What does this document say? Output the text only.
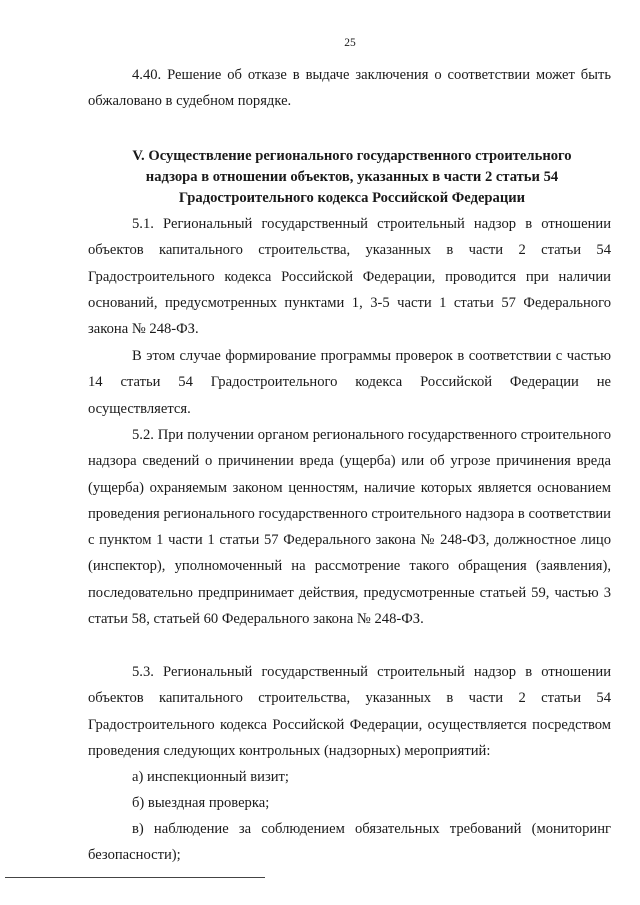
25

4.40. Решение об отказе в выдаче заключения о соответствии может быть обжаловано в судебном порядке.

V. Осуществление регионального государственного строительного надзора в отношении объектов, указанных в части 2 статьи 54 Градостроительного кодекса Российской Федерации

5.1. Региональный государственный строительный надзор в отношении объектов капитального строительства, указанных в части 2 статьи 54 Градостроительного кодекса Российской Федерации, проводится при наличии оснований, предусмотренных пунктами 1, 3-5 части 1 статьи 57 Федерального закона № 248-ФЗ.

В этом случае формирование программы проверок в соответствии с частью 14 статьи 54 Градостроительного кодекса Российской Федерации не осуществляется.

5.2. При получении органом регионального государственного строительного надзора сведений о причинении вреда (ущерба) или об угрозе причинения вреда (ущерба) охраняемым законом ценностям, наличие которых является основанием проведения регионального государственного строительного надзора в соответствии с пунктом 1 части 1 статьи 57 Федерального закона № 248-ФЗ, должностное лицо (инспектор), уполномоченный на рассмотрение такого обращения (заявления), последовательно предпринимает действия, предусмотренные статьей 59, частью 3 статьи 58, статьей 60 Федерального закона № 248-ФЗ.

5.3. Региональный государственный строительный надзор в отношении объектов капитального строительства, указанных в части 2 статьи 54 Градостроительного кодекса Российской Федерации, осуществляется посредством проведения следующих контрольных (надзорных) мероприятий:

а) инспекционный визит;

б) выездная проверка;

в) наблюдение за соблюдением обязательных требований (мониторинг безопасности);
